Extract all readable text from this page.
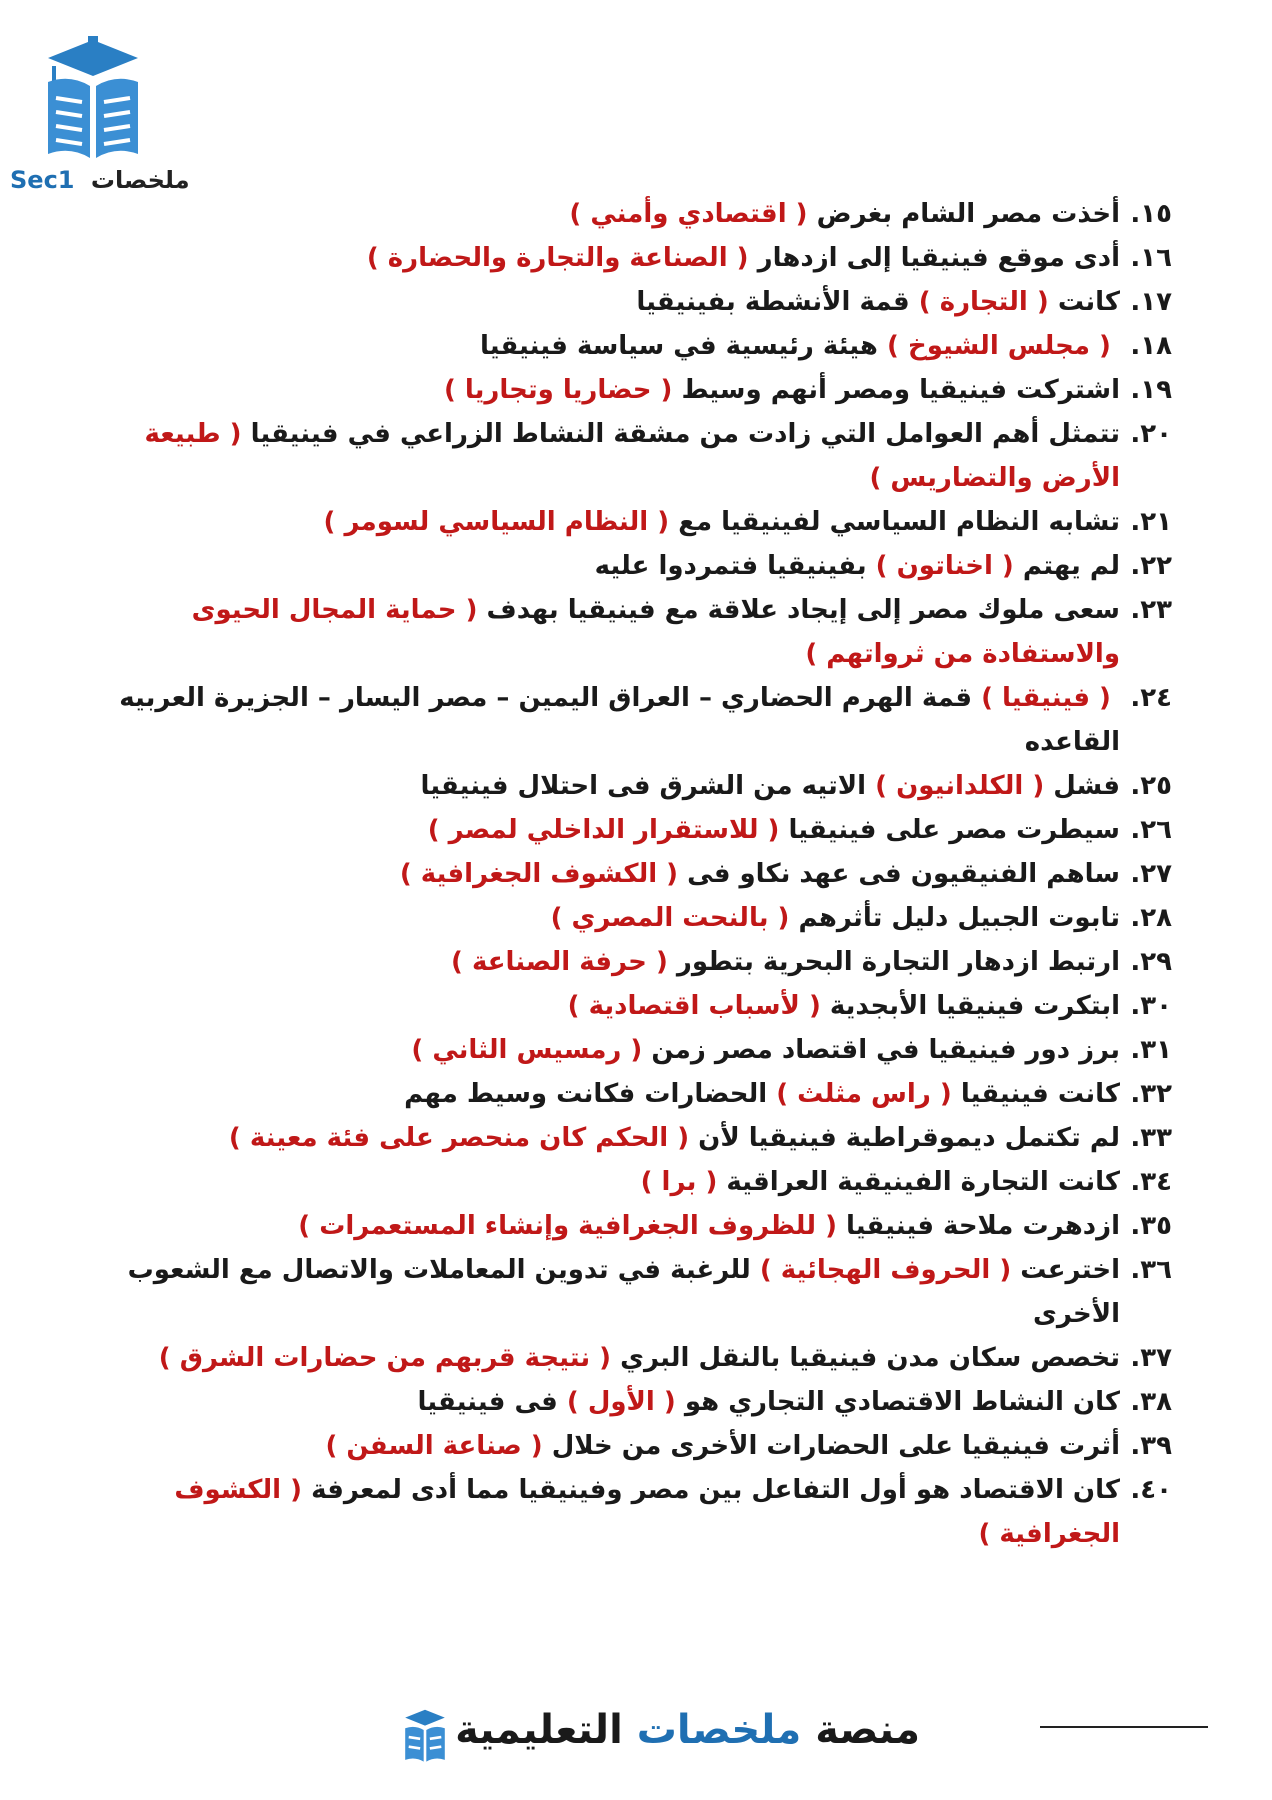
Sec1 ملخصات

١٥.أخذت مصر الشام بغرض ( اقتصادي وأمني )

١٦.أدى موقع فينيقيا إلى ازدهار ( الصناعة والتجارة والحضارة )

١٧.كانت ( التجارة ) قمة الأنشطة بفينيقيا

١٨. ( مجلس الشيوخ ) هيئة رئيسية في سياسة فينيقيا

١٩.اشتركت فينيقيا ومصر أنهم وسيط ( حضاريا وتجاريا )

٢٠.تتمثل أهم العوامل التي زادت من مشقة النشاط الزراعي في فينيقيا ( طبيعة الأرض والتضاريس )

٢١.تشابه النظام السياسي لفينيقيا مع ( النظام السياسي لسومر )

٢٢.لم يهتم ( اخناتون ) بفينيقيا فتمردوا عليه

٢٣.سعى ملوك مصر إلى إيجاد علاقة مع فينيقيا بهدف ( حماية المجال الحيوى والاستفادة من ثرواتهم )

٢٤. ( فينيقيا ) قمة الهرم الحضاري – العراق اليمين – مصر اليسار – الجزيرة العربيه القاعده

٢٥.فشل ( الكلدانيون ) الاتيه من الشرق فى احتلال فينيقيا

٢٦.سيطرت مصر على فينيقيا ( للاستقرار الداخلي لمصر )

٢٧.ساهم الفنيقيون فى عهد نكاو فى ( الكشوف الجغرافية )

٢٨.تابوت الجبيل دليل تأثرهم ( بالنحت المصري )

٢٩.ارتبط ازدهار التجارة البحرية بتطور ( حرفة الصناعة )

٣٠.ابتكرت فينيقيا الأبجدية ( لأسباب اقتصادية )

٣١.برز دور فينيقيا في اقتصاد مصر زمن ( رمسيس الثاني )

٣٢.كانت فينيقيا ( راس مثلث ) الحضارات فكانت وسيط مهم

٣٣.لم تكتمل ديموقراطية فينيقيا لأن ( الحكم كان منحصر على فئة معينة )

٣٤.كانت التجارة الفينيقية العراقية ( برا )

٣٥.ازدهرت ملاحة فينيقيا ( للظروف الجغرافية وإنشاء المستعمرات )

٣٦.اخترعت ( الحروف الهجائية ) للرغبة في تدوين المعاملات والاتصال مع الشعوب الأخرى

٣٧.تخصص سكان مدن فينيقيا بالنقل البري ( نتيجة قربهم من حضارات الشرق )

٣٨.كان النشاط الاقتصادي التجاري هو ( الأول ) فى فينيقيا

٣٩.أثرت فينيقيا على الحضارات الأخرى من خلال ( صناعة السفن )

٤٠.كان الاقتصاد هو أول التفاعل بين مصر وفينيقيا مما أدى لمعرفة ( الكشوف الجغرافية )

منصة ملخصات التعليمية
